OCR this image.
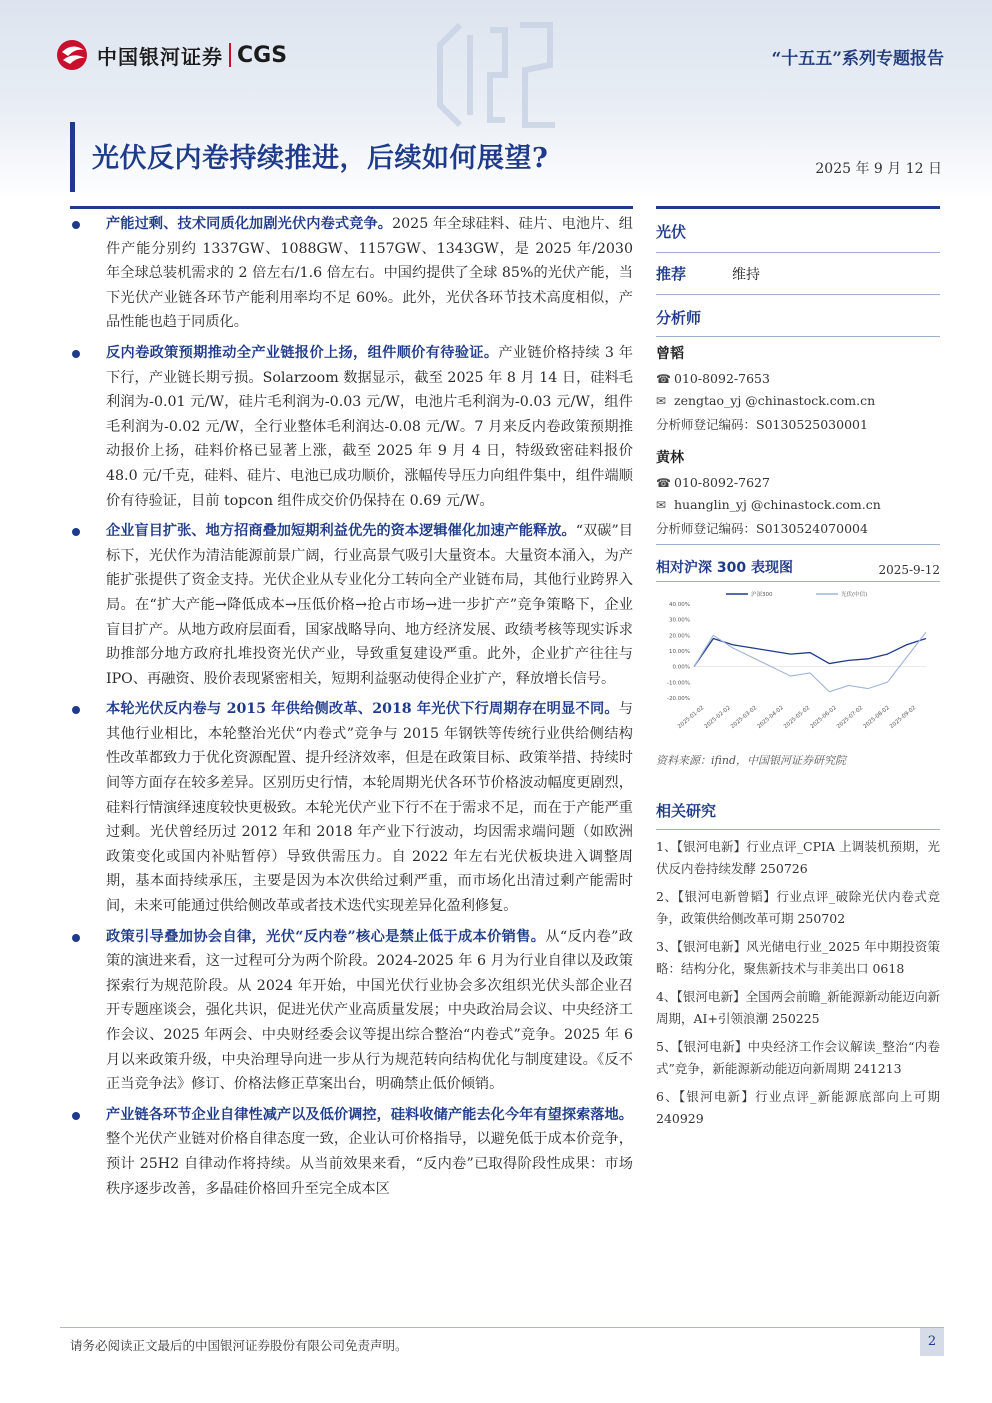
中国银河证券 CGS	“十五五”系列专题报告
光伏反内卷持续推进，后续如何展望?	2025 年 9 月 12 日
产能过剩、技术同质化加剧光伏内卷式竞争。2025 年全球硅料、硅片、电池片、组件产能分别约 1337GW、1088GW、1157GW、1343GW，是 2025 年/2030 年全球总装机需求的 2 倍左右/1.6 倍左右。中国约提供了全球 85%的光伏产能，当下光伏产业链各环节产能利用率均不足 60%。此外，光伏各环节技术高度相似，产品性能也趋于同质化。
反内卷政策预期推动全产业链报价上扬，组件顺价有待验证。产业链价格持续 3 年下行，产业链长期亏损。Solarzoom 数据显示，截至 2025 年 8 月 14 日，硅料毛利润为-0.01 元/W，硅片毛利润为-0.03 元/W，电池片毛利润为-0.03 元/W，组件毛利润为-0.02 元/W，全行业整体毛利润达-0.08 元/W。7 月来反内卷政策预期推动报价上扬，硅料价格已显著上涨，截至 2025 年 9 月 4 日，特级致密硅料报价 48.0 元/千克，硅料、硅片、电池已成功顺价，涨幅传导压力向组件集中，组件端顺价有待验证，目前 topcon 组件成交价仍保持在 0.69 元/W。
企业盲目扩张、地方招商叠加短期利益优先的资本逻辑催化加速产能释放。“双碳”目标下，光伏作为清洁能源前景广阔，行业高景气吸引大量资本。大量资本涌入，为产能扩张提供了资金支持。光伏企业从专业化分工转向全产业链布局，其他行业跨界入局。在“扩大产能→降低成本→压低价格→抢占市场→进一步扩产”竞争策略下，企业盲目扩产。从地方政府层面看，国家战略导向、地方经济发展、政绩考核等现实诉求助推部分地方政府扎堆投资光伏产业，导致重复建设严重。此外，企业扩产往往与 IPO、再融资、股价表现紧密相关，短期利益驱动使得企业扩产，释放增长信号。
本轮光伏反内卷与 2015 年供给侧改革、2018 年光伏下行周期存在明显不同。与其他行业相比，本轮整治光伏“内卷式”竞争与 2015 年钢铁等传统行业供给侧结构性改革都致力于优化资源配置、提升经济效率，但是在政策目标、政策举措、持续时间等方面存在较多差异。区别历史行情，本轮周期光伏各环节价格波动幅度更剧烈，硅料行情演绎速度较快更极致。本轮光伏产业下行不在于需求不足，而在于产能严重过剩。光伏曾经历过 2012 年和 2018 年产业下行波动，均因需求端问题（如欧洲政策变化或国内补贴暂停）导致供需压力。自 2022 年左右光伏板块进入调整周期，基本面持续承压，主要是因为本次供给过剩严重，而市场化出清过剩产能需时间，未来可能通过供给侧改革或者技术迭代实现差异化盈利修复。
政策引导叠加协会自律，光伏“反内卷”核心是禁止低于成本价销售。从“反内卷”政策的演进来看，这一过程可分为两个阶段。2024-2025 年 6 月为行业自律以及政策探索行为规范阶段。从 2024 年开始，中国光伏行业协会多次组织光伏头部企业召开专题座谈会，强化共识，促进光伏产业高质量发展；中央政治局会议、中央经济工作会议、2025 年两会、中央财经委会议等提出综合整治“内卷式”竞争。2025 年 6 月以来政策升级，中央治理导向进一步从行为规范转向结构优化与制度建设。《反不正当竞争法》修订、价格法修正草案出台，明确禁止低价倾销。
产业链各环节企业自律性减产以及低价调控，硅料收储产能去化今年有望探索落地。整个光伏产业链对价格自律态度一致，企业认可价格指导，以避免低于成本价竞争，预计 25H2 自律动作将持续。从当前效果来看，“反内卷”已取得阶段性成果：市场秩序逐步改善，多晶硅价格回升至完全成本区
光伏
推荐	维持
分析师
曾韬
☎ 010-8092-7653
✉ zengtao_yj @chinastock.com.cn
分析师登记编码：S0130525030001
黄林
☎ 010-8092-7627
✉ huanglin_yj @chinastock.com.cn
分析师登记编码：S0130524070004
相对沪深 300 表现图	2025-9-12
40.00%
30.00%
20.00%
10.00%
0.00%
-10.00%
-20.00%
2025-01-02
2025-02-02
2025-03-02
2025-04-02
2025-05-02
2025-06-02
2025-07-02
2025-08-02
2025-09-02
沪深300	光伏(中信)
资料来源：ifind，中国银河证券研究院
相关研究
1、【银河电新】行业点评_CPIA 上调装机预期，光伏反内卷持续发酵 250726
2、【银河电新曾韬】行业点评_破除光伏内卷式竞争，政策供给侧改革可期 250702
3、【银河电新】风光储电行业_2025 年中期投资策略：结构分化，聚焦新技术与非美出口 0618
4、【银河电新】全国两会前瞻_新能源新动能迈向新周期，AI+引领浪潮 250225
5、【银河电新】中央经济工作会议解读_整治“内卷式”竞争，新能源新动能迈向新周期 241213
6、【银河电新】行业点评_新能源底部向上可期 240929
请务必阅读正文最后的中国银河证券股份有限公司免责声明。	2
